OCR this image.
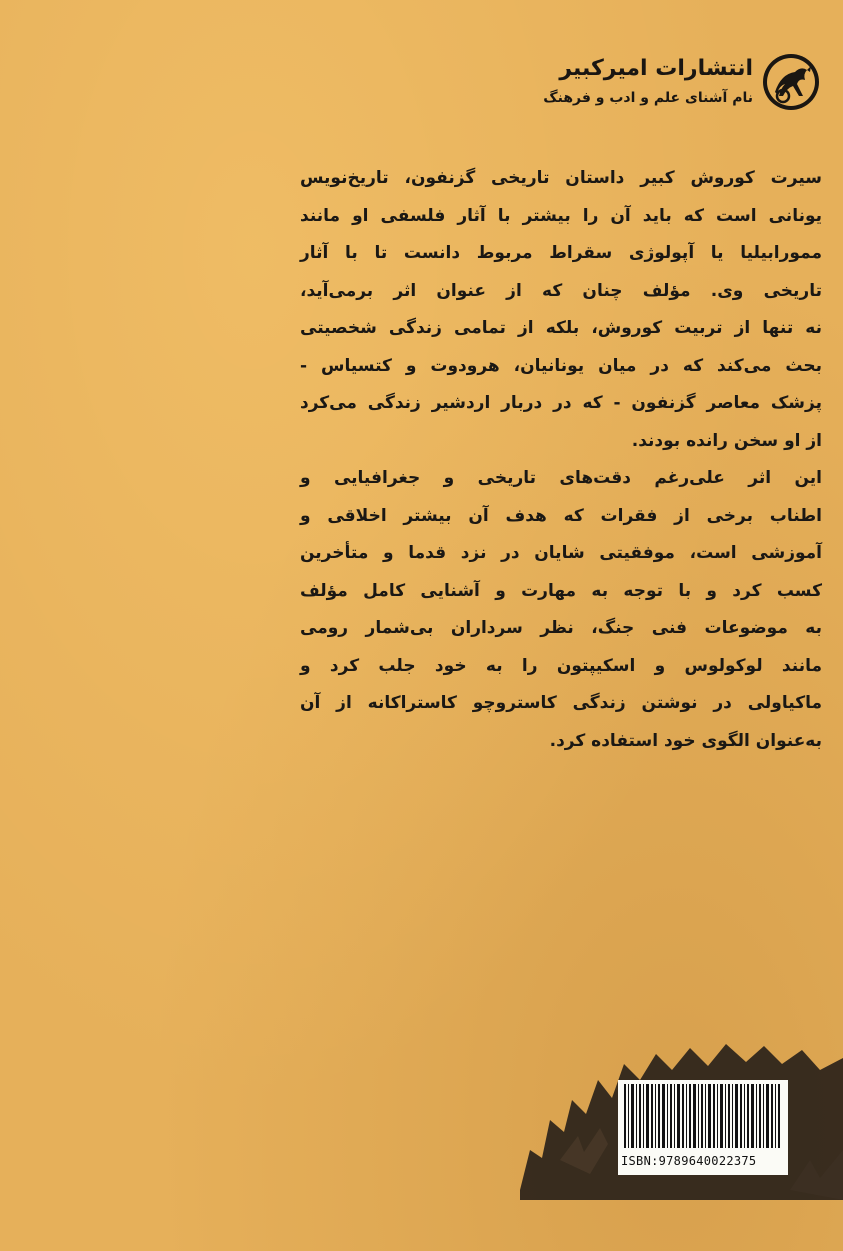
انتشارات امیرکبیر
نام آشنای علم و ادب و فرهنگ
سیرت کوروش کبیر داستان تاریخی گزنفون، تاریخ‌نویس
یونانی است که باید آن را بیشتر با آثار فلسفی او مانند
ممورابیلیا یا آپولوژی سقراط مربوط دانست تا با آثار
تاریخی وی. مؤلف چنان که از عنوان اثر برمی‌آید،
نه تنها از تربیت کوروش، بلکه از تمامی زندگی شخصیتی
بحث می‌کند که در میان یونانیان، هرودوت و کتسیاس -
پزشک معاصر گزنفون - که در دربار اردشیر زندگی می‌کرد
از او سخن رانده بودند.
این اثر علی‌رغم دقت‌های تاریخی و جغرافیایی و
اطناب برخی از فقرات که هدف آن بیشتر اخلاقی و
آموزشی است، موفقیتی شایان در نزد قدما و متأخرین
کسب کرد و با توجه به مهارت و آشنایی کامل مؤلف
به موضوعات فنی جنگ، نظر سرداران بی‌شمار رومی
مانند لوکولوس و اسکیپتون را به خود جلب کرد و
ماکیاولی در نوشتن زندگی کاستروچو کاستراکانه از آن
به‌عنوان الگوی خود استفاده کرد.
ISBN:9789640022375
